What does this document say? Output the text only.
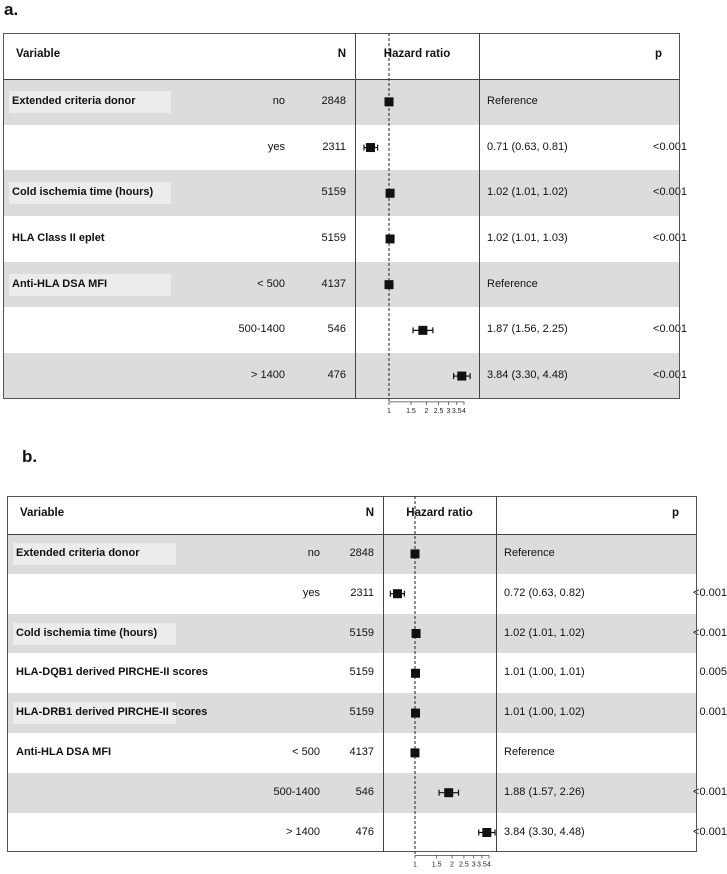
a.
Extended criteria donor	no	2848	Reference
yes	2311	0.71 (0.63, 0.81)	<0.001
Cold ischemia time (hours)	5159	1.02 (1.01, 1.02)	<0.001
HLA Class II eplet	5159	1.02 (1.01, 1.03)	<0.001
Anti-HLA DSA MFI	< 500	4137	Reference
500-1400	546	1.87 (1.56, 2.25)	<0.001
> 1400	476	3.84 (3.30, 4.48)	<0.001
Variable	N	Hazard ratio	p
1 1.5 2 2.5 3 3.5 4
b.
Extended criteria donor	no	2848	Reference
yes	2311	0.72 (0.63, 0.82)	<0.001
Cold ischemia time (hours)	5159	1.02 (1.01, 1.02)	<0.001
HLA-DQB1 derived PIRCHE-II scores	5159	1.01 (1.00, 1.01)	0.005
HLA-DRB1 derived PIRCHE-II scores	5159	1.01 (1.00, 1.02)	0.001
Anti-HLA DSA MFI	< 500	4137	Reference
500-1400	546	1.88 (1.57, 2.26)	<0.001
> 1400	476	3.84 (3.30, 4.48)	<0.001
Variable	N	Hazard ratio	p
1 1.5 2 2.5 3 3.5 4
